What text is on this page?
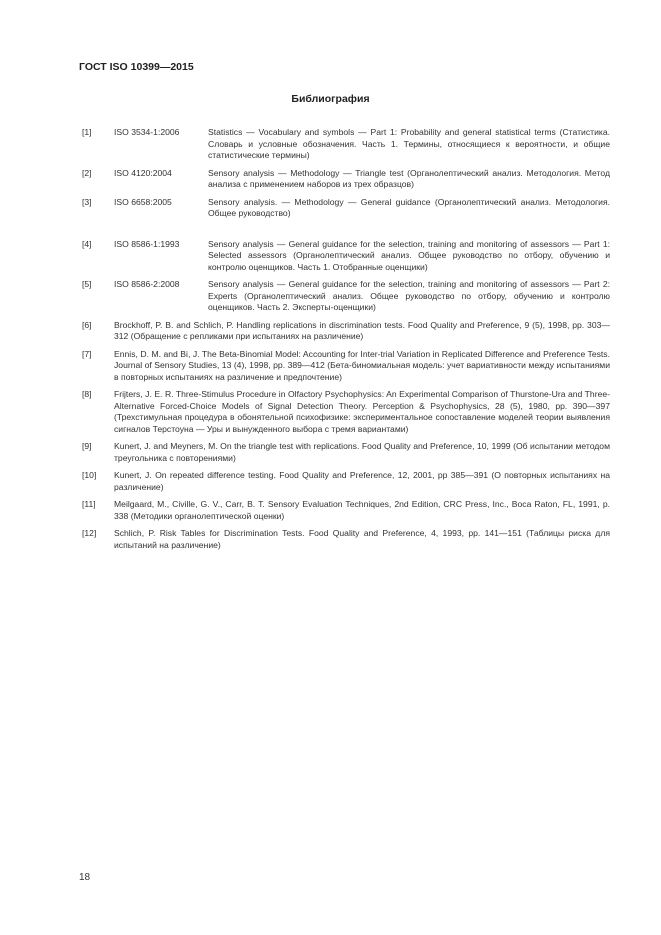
ГОСТ ISO 10399—2015
Библиография
[1]	ISO 3534-1:2006	Statistics — Vocabulary and symbols — Part 1: Probability and general statistical terms (Статистика. Словарь и условные обозначения. Часть 1. Термины, относящиеся к вероятности, и общие статистические термины)
[2]	ISO 4120:2004	Sensory analysis — Methodology — Triangle test (Органолептический анализ. Методология. Метод анализа с применением наборов из трех образцов)
[3]	ISO 6658:2005	Sensory analysis. — Methodology — General guidance (Органолептический анализ. Методология. Общее руководство)
[4]	ISO 8586-1:1993	Sensory analysis — General guidance for the selection, training and monitoring of assessors — Part 1: Selected assessors (Органолептический анализ. Общее руководство по отбору, обучению и контролю оценщиков. Часть 1. Отобранные оценщики)
[5]	ISO 8586-2:2008	Sensory analysis — General guidance for the selection, training and monitoring of assessors — Part 2: Experts (Органолептический анализ. Общее руководство по отбору, обучению и контролю оценщиков. Часть 2. Эксперты-оценщики)
[6]	Brockhoff, P. B. and Schlich, P. Handling replications in discrimination tests. Food Quality and Preference, 9 (5), 1998, pp. 303—312 (Обращение с репликами при испытаниях на различение)
[7]	Ennis, D. M. and Bi, J. The Beta-Binomial Model: Accounting for Inter-trial Variation in Replicated Difference and Preference Tests. Journal of Sensory Studies, 13 (4), 1998, pp. 389—412 (Бета-биномиальная модель: учет вариативности между испытаниями в повторных испытаниях на различение и предпочтение)
[8]	Frijters, J. E. R. Three-Stimulus Procedure in Olfactory Psychophysics: An Experimental Comparison of Thurstone-Ura and Three-Alternative Forced-Choice Models of Signal Detection Theory. Perception & Psychophysics, 28 (5), 1980, pp. 390—397 (Трехстимульная процедура в обонятельной психофизике: экспериментальное сопоставление моделей теории выявления сигналов Терстоуна — Уры и вынужденного выбора с тремя вариантами)
[9]	Kunert, J. and Meyners, M. On the triangle test with replications. Food Quality and Preference, 10, 1999 (Об испытании методом треугольника с повторениями)
[10] Kunert, J. On repeated difference testing. Food Quality and Preference, 12, 2001, pp 385—391 (О повторных испытаниях на различение)
[11] Meilgaard, M., Civille, G. V., Carr, B. T. Sensory Evaluation Techniques, 2nd Edition, CRC Press, Inc., Boca Raton, FL, 1991, p. 338 (Методики органолептической оценки)
[12] Schlich, P. Risk Tables for Discrimination Tests. Food Quality and Preference, 4, 1993, pp. 141—151 (Таблицы риска для испытаний на различение)
18
